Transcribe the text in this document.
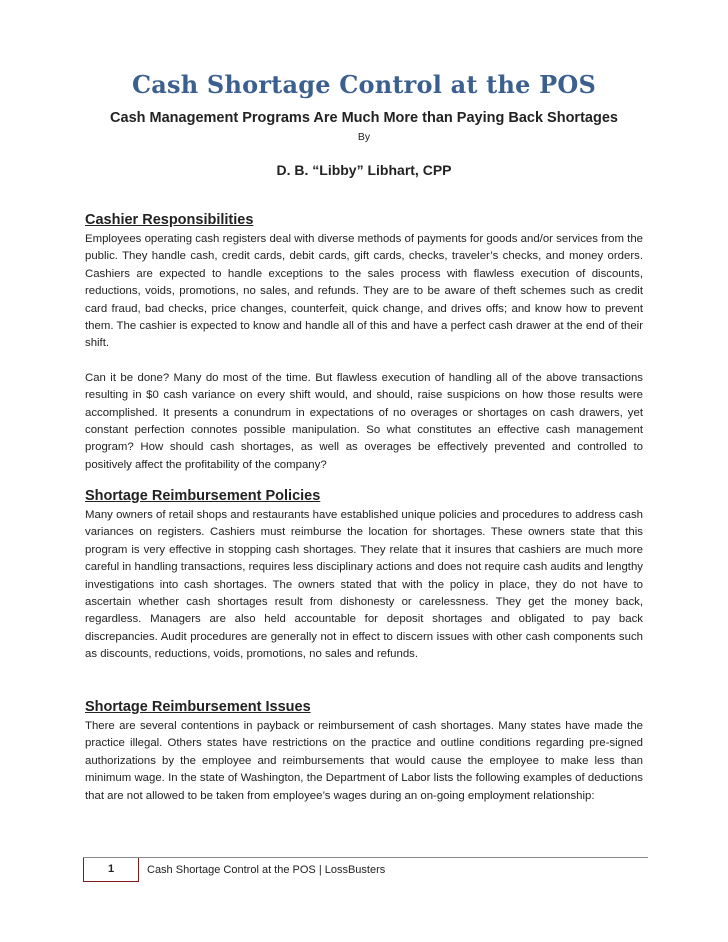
Cash Shortage Control at the POS
Cash Management Programs Are Much More than Paying Back Shortages
By
D. B. “Libby” Libhart, CPP
Cashier Responsibilities

Employees operating cash registers deal with diverse methods of payments for goods and/or services from the public. They handle cash, credit cards, debit cards, gift cards, checks, traveler’s checks, and money orders. Cashiers are expected to handle exceptions to the sales process with flawless execution of discounts, reductions, voids, promotions, no sales, and refunds. They are to be aware of theft schemes such as credit card fraud, bad checks, price changes, counterfeit, quick change, and drives offs; and know how to prevent them. The cashier is expected to know and handle all of this and have a perfect cash drawer at the end of their shift.

Can it be done? Many do most of the time. But flawless execution of handling all of the above transactions resulting in $0 cash variance on every shift would, and should, raise suspicions on how those results were accomplished. It presents a conundrum in expectations of no overages or shortages on cash drawers, yet constant perfection connotes possible manipulation. So what constitutes an effective cash management program? How should cash shortages, as well as overages be effectively prevented and controlled to positively affect the profitability of the company?

Shortage Reimbursement Policies

Many owners of retail shops and restaurants have established unique policies and procedures to address cash variances on registers. Cashiers must reimburse the location for shortages. These owners state that this program is very effective in stopping cash shortages. They relate that it insures that cashiers are much more careful in handling transactions, requires less disciplinary actions and does not require cash audits and lengthy investigations into cash shortages. The owners stated that with the policy in place, they do not have to ascertain whether cash shortages result from dishonesty or carelessness. They get the money back, regardless. Managers are also held accountable for deposit shortages and obligated to pay back discrepancies. Audit procedures are generally not in effect to discern issues with other cash components such as discounts, reductions, voids, promotions, no sales and refunds.

Shortage Reimbursement Issues

There are several contentions in payback or reimbursement of cash shortages. Many states have made the practice illegal. Others states have restrictions on the practice and outline conditions regarding pre-signed authorizations by the employee and reimbursements that would cause the employee to make less than minimum wage. In the state of Washington, the Department of Labor lists the following examples of deductions that are not allowed to be taken from employee’s wages during an on-going employment relationship:

1	Cash Shortage Control at the POS | LossBusters
